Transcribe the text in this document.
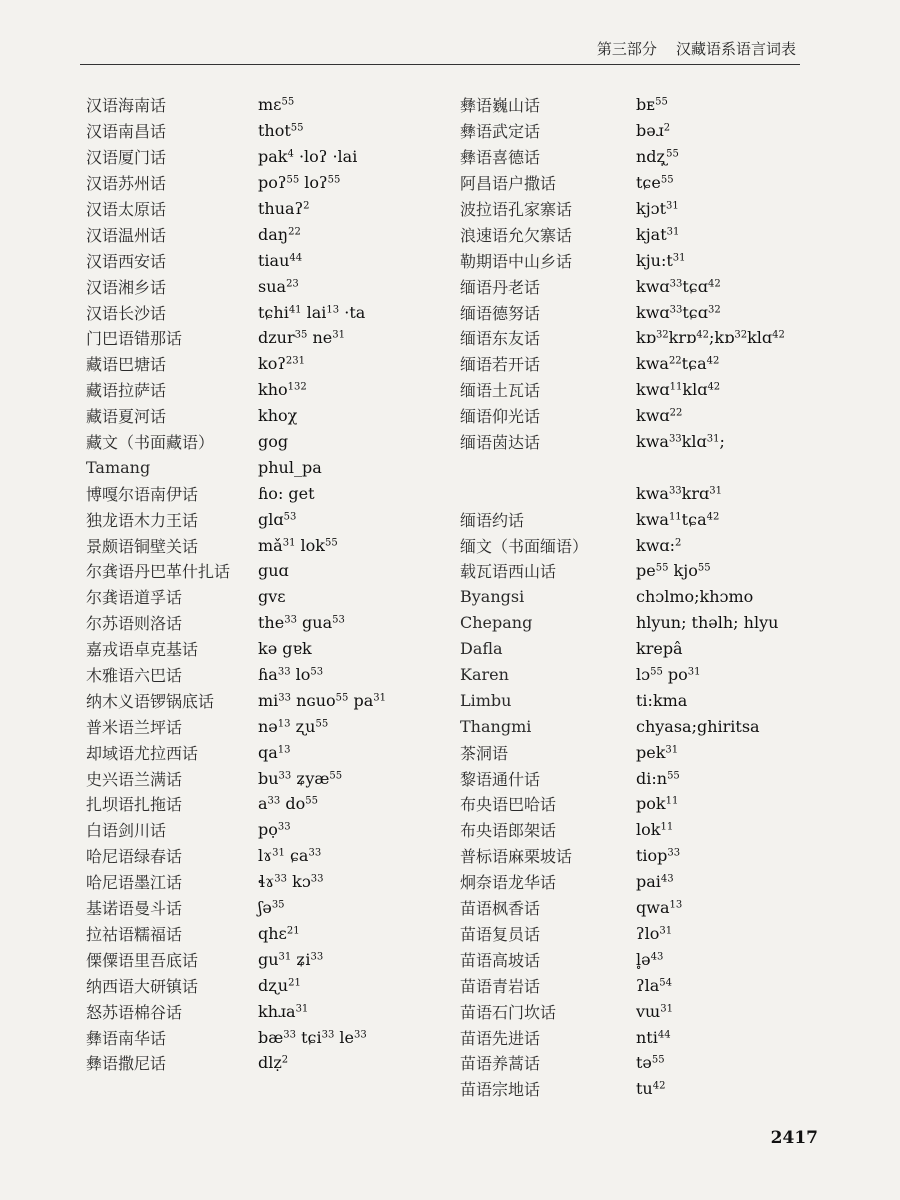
第三部分 汉藏语系语言词表
汉语海南话	mɛ$^{55}$
汉语南昌话	thot$^{55}$
汉语厦门话	pak$^4$ ·loʔ ·lai
汉语苏州话	poʔ$^{55}$ loʔ$^{55}$
汉语太原话	thuaʔ$^2$
汉语温州话	daŋ$^{22}$
汉语西安话	tiau$^{44}$
汉语湘乡话	sua$^{23}$
汉语长沙话	tɕhi$^{41}$ lai$^{13}$ ·ta
门巴语错那话	dzur$^{35}$ $ne^{31}$
藏语巴塘话	koʔ$^{231}$
藏语拉萨话	kho$^{132}$
藏语夏河话	khoχ
藏文（书面藏语）	gog
Tamang	phul_pa
博嘎尔语南伊话	ɦo: get
独龙语木力王话	glɑ$^{53}$
景颇语铜壁关话	$mǎ^{31}$ lok$^{55}$
尔龚语丹巴革什扎话	guɑ
尔龚语道孚话	gvɛ
尔苏语则洛话	the$^{33}$ gua$^{53}$
嘉戎语卓克基话	kə gɐk
木雅语六巴话	ɦa$^{33}$ $lo^{53}$
纳木义语锣锅底话	$mi^{33}$ nɢuo$^{55}$ $pa^{31}$
普米语兰坪话	nə$^{13}$ ʐu$^{55}$
却域语尤拉西话	$qa^{13}$
史兴语兰满话	$bu^{33}$ ʑyæ$^{55}$
扎坝语扎拖话	$a^{33}$ $do^{55}$
白语剑川话	pọ$^{33}$
哈尼语绿春话	lɤ$^{31}$ ɕa$^{33}$
哈尼语墨江话	ɬɤ$^{33}$ kɔ$^{33}$
基诺语曼斗话	ʃə$^{35}$
拉祜语糯福话	qhɛ$^{21}$
傈僳语里吾底话	$gu^{31}$ ʑi$^{33}$
纳西语大研镇话	dʐu$^{21}$
怒苏语棉谷话	khɹa$^{31}$
彝语南华话	$bæ^{33}$ tɕi$^{33}$ $le^{33}$
彝语撒尼话	dlẓ$^2$
彝语巍山话	bᴇ$^{55}$
彝语武定话	bəɹ$^2$
彝语喜德话	ndʐ̩$^{55}$
阿昌语户撒话	tɕe$^{55}$
波拉语孔家寨话	kjɔt$^{31}$
浪速语允欠寨话	kjat$^{31}$
勒期语中山乡话	$kju:t^{31}$
缅语丹老话	kwɑ$^{33}$tɕɑ$^{42}$
缅语德努话	kwɑ$^{33}$tɕɑ$^{32}$
缅语东友话	kɒ$^{32}$krɒ$^{42}$;kɒ$^{32}$klɑ$^{42}$
缅语若开话	kwa$^{22}$tɕa$^{42}$
缅语土瓦话	kwɑ$^{11}$klɑ$^{42}$
缅语仰光话	kwɑ$^{22}$
缅语茵达话	kwa$^{33}$klɑ$^{31}$;
kwa$^{33}$krɑ$^{31}$
缅语约话	kwa$^{11}$tɕa$^{42}$
缅文（书面缅语）	kwɑ:$^2$
载瓦语西山话	$pe^{55}$ kjo$^{55}$
Byangsi	chɔlmo;khɔmo
Chepang	hlyun; thəlh; hlyu
Dafla	krepâ
Karen	lɔ$^{55}$ $po^{31}$
Limbu	ti:kma
Thangmi	chyasa;ghiritsa
茶洞语	pek$^{31}$
黎语通什话	$di:n^{55}$
布央语巴哈话	pok$^{11}$
布央语郎架话	lok$^{11}$
普标语麻栗坡话	tiop$^{33}$
炯奈语龙华话	pai$^{43}$
苗语枫香话	qwa$^{13}$
苗语复员话	ʔlo$^{31}$
苗语高坡话	l̥ə$^{43}$
苗语青岩话	ʔla$^{54}$
苗语石门坎话	vɯ$^{31}$
苗语先进话	nti$^{44}$
苗语养蒿话	tə$^{55}$
苗语宗地话	$tu^{42}$
2417
